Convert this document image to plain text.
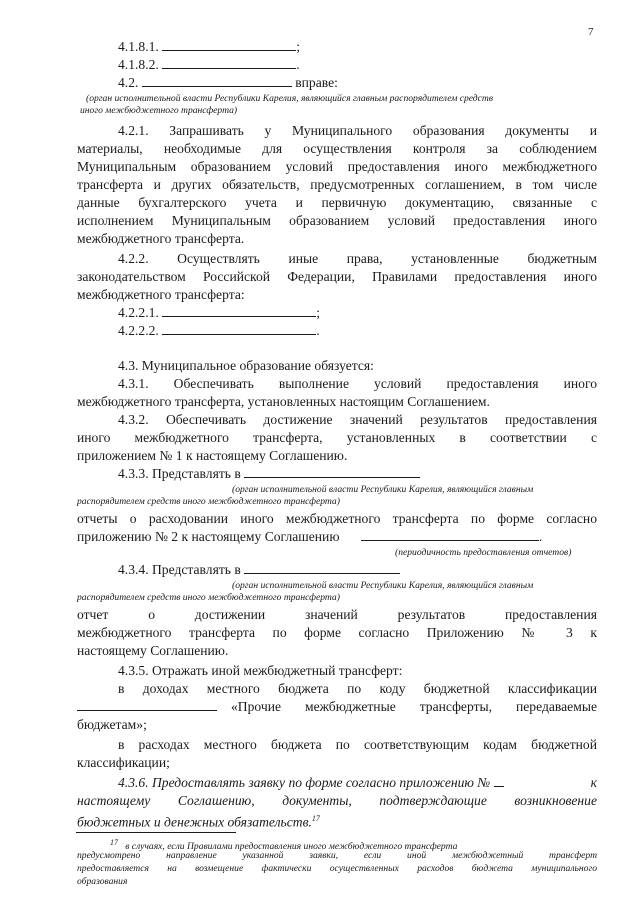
7
4.1.8.1.	;
4.1.8.2.	.
4.2.	вправе:
(орган исполнительной власти Республики Карелия, являющийся главным распорядителем средств
иного межбюджетного трансферта)
4.2.1. Запрашивать у Муниципального образования документы и
материалы, необходимые для осуществления контроля за соблюдением
Муниципальным образованием условий предоставления иного межбюджетного
трансферта и других обязательств, предусмотренных соглашением, в том числе
данные бухгалтерского учета и первичную документацию, связанные с
исполнением Муниципальным образованием условий предоставления иного
межбюджетного трансферта.
4.2.2. Осуществлять иные права, установленные бюджетным
законодательством Российской Федерации, Правилами предоставления иного
межбюджетного трансферта:
4.2.2.1.	;
4.2.2.2.	.
4.3. Муниципальное образование обязуется:
4.3.1. Обеспечивать выполнение условий предоставления иного
межбюджетного трансферта, установленных настоящим Соглашением.
4.3.2. Обеспечивать достижение значений результатов предоставления
иного межбюджетного трансферта, установленных в соответствии с
приложением № 1 к настоящему Соглашению.
4.3.3. Представлять в
(орган исполнительной власти Республики Карелия, являющийся главным
распорядителем средств иного межбюджетного трансферта)
отчеты о расходовании иного межбюджетного трансферта по форме согласно
приложению № 2 к настоящему Соглашению	.
(периодичность предоставления отчетов)
4.3.4. Представлять в
(орган исполнительной власти Республики Карелия, являющийся главным
распорядителем средств иного межбюджетного трансферта)
отчет о достижении значений результатов предоставления
межбюджетного трансферта по форме согласно Приложению № 3 к
настоящему Соглашению.
4.3.5. Отражать иной межбюджетный трансферт:
в доходах местного бюджета по коду бюджетной классификации
«Прочие межбюджетные трансферты, передаваемые
бюджетам»;
в расходах местного бюджета по соответствующим кодам бюджетной
классификации;
4.3.6. Предоставлять заявку по форме согласно приложению №	к
настоящему Соглашению, документы, подтверждающие возникновение
бюджетных и денежных обязательств.$^{17}$
$^{17}$ в случаях, если Правилами предоставления иного межбюджетного трансферта
предусмотрено направление указанной заявки, если иной межбюджетный трансферт
предоставляется на возмещение фактически осуществленных расходов бюджета муниципального
образования
